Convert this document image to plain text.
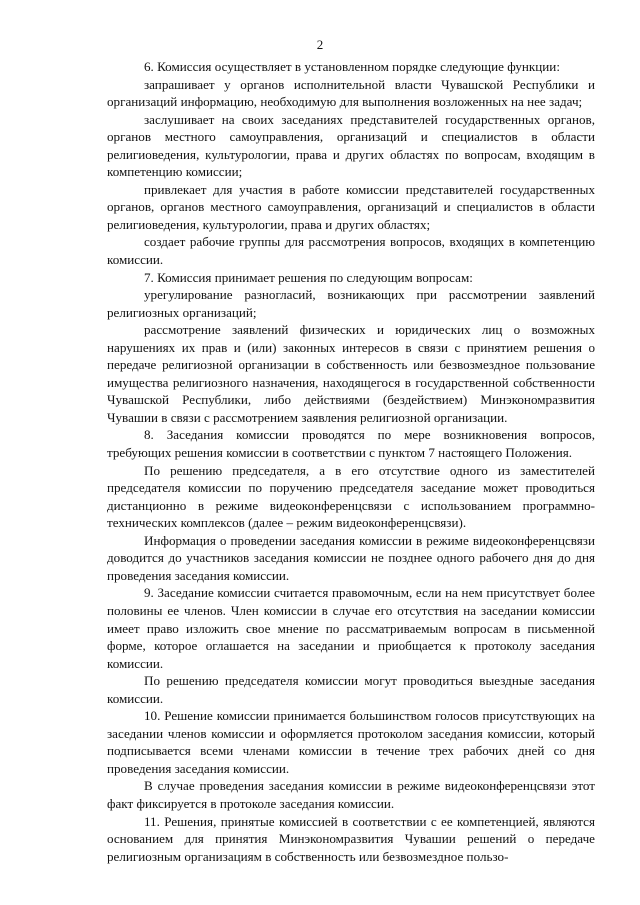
2

6. Комиссия осуществляет в установленном порядке следующие функции:

запрашивает у органов исполнительной власти Чувашской Республики и организаций информацию, необходимую для выполнения возложенных на нее задач;

заслушивает на своих заседаниях представителей государственных органов, органов местного самоуправления, организаций и специалистов в области религиоведения, культурологии, права и других областях по вопросам, входящим в компетенцию комиссии;

привлекает для участия в работе комиссии представителей государственных органов, органов местного самоуправления, организаций и специалистов в области религиоведения, культурологии, права и других областях;

создает рабочие группы для рассмотрения вопросов, входящих в компетенцию комиссии.

7. Комиссия принимает решения по следующим вопросам:

урегулирование разногласий, возникающих при рассмотрении заявлений религиозных организаций;

рассмотрение заявлений физических и юридических лиц о возможных нарушениях их прав и (или) законных интересов в связи с принятием решения о передаче религиозной организации в собственность или безвозмездное пользование имущества религиозного назначения, находящегося в государственной собственности Чувашской Республики, либо действиями (бездействием) Минэкономразвития Чувашии в связи с рассмотрением заявления религиозной организации.

8. Заседания комиссии проводятся по мере возникновения вопросов, требующих решения комиссии в соответствии с пунктом 7 настоящего Положения.

По решению председателя, а в его отсутствие одного из заместителей председателя комиссии по поручению председателя заседание может проводиться дистанционно в режиме видеоконференцсвязи с использованием программно-технических комплексов (далее – режим видеоконференцсвязи).

Информация о проведении заседания комиссии в режиме видеоконференцсвязи доводится до участников заседания комиссии не позднее одного рабочего дня до дня проведения заседания комиссии.

9. Заседание комиссии считается правомочным, если на нем присутствует более половины ее членов. Член комиссии в случае его отсутствия на заседании комиссии имеет право изложить свое мнение по рассматриваемым вопросам в письменной форме, которое оглашается на заседании и приобщается к протоколу заседания комиссии.

По решению председателя комиссии могут проводиться выездные заседания комиссии.

10. Решение комиссии принимается большинством голосов присутствующих на заседании членов комиссии и оформляется протоколом заседания комиссии, который подписывается всеми членами комиссии в течение трех рабочих дней со дня проведения заседания комиссии.

В случае проведения заседания комиссии в режиме видеоконференцсвязи этот факт фиксируется в протоколе заседания комиссии.

11. Решения, принятые комиссией в соответствии с ее компетенцией, являются основанием для принятия Минэкономразвития Чувашии решений о передаче религиозным организациям в собственность или безвозмездное пользо-
